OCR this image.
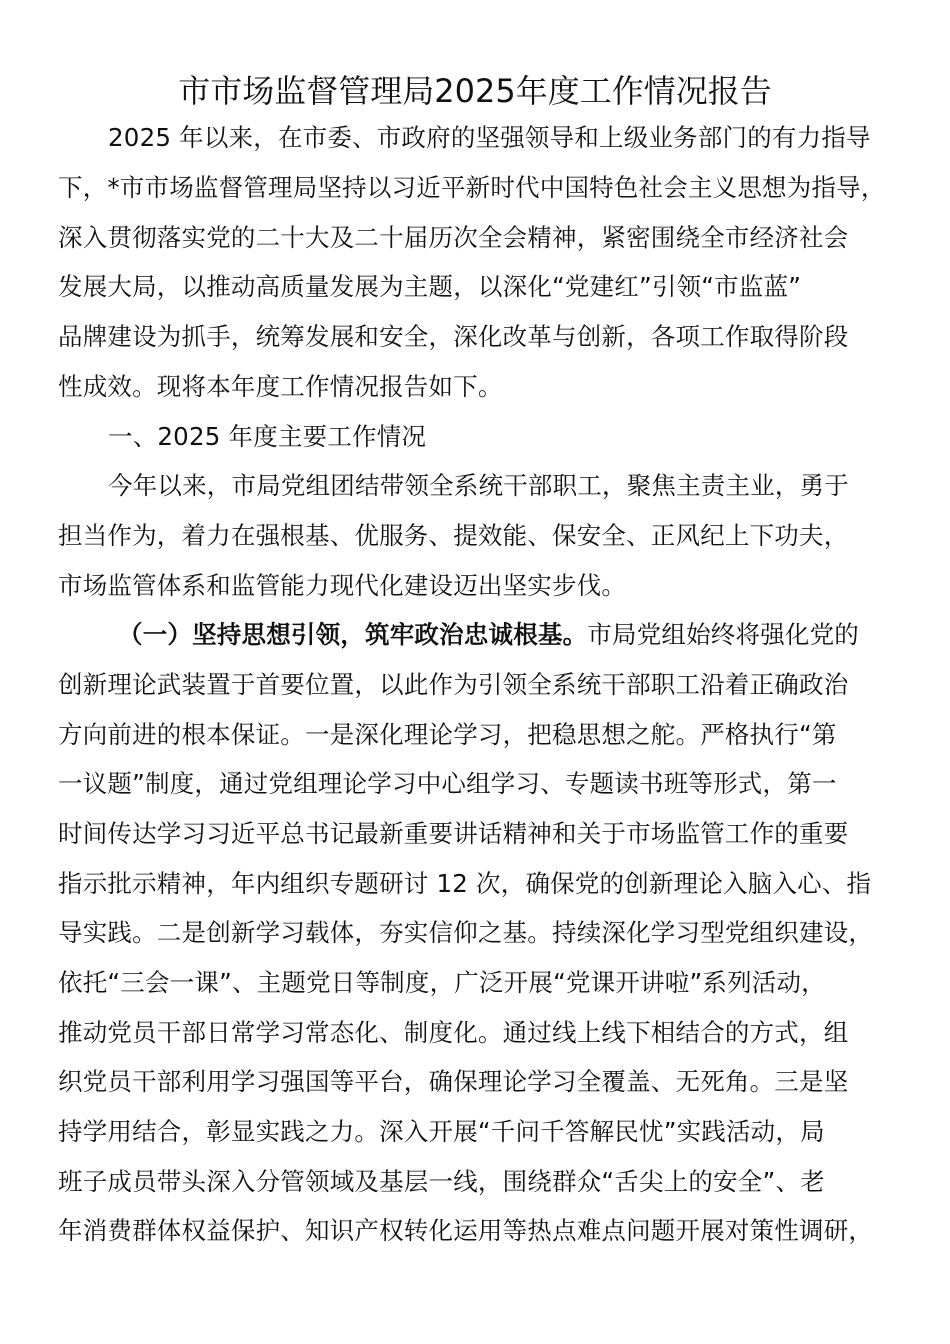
市市场监督管理局2025年度工作情况报告
2025 年以来，在市委、市政府的坚强领导和上级业务部门的有力指导
下，*市市场监督管理局坚持以习近平新时代中国特色社会主义思想为指导，
深入贯彻落实党的二十大及二十届历次全会精神，紧密围绕全市经济社会
发展大局，以推动高质量发展为主题，以深化“党建红”引领“市监蓝”
品牌建设为抓手，统筹发展和安全，深化改革与创新，各项工作取得阶段
性成效。现将本年度工作情况报告如下。
一、2025 年度主要工作情况
今年以来，市局党组团结带领全系统干部职工，聚焦主责主业，勇于
担当作为，着力在强根基、优服务、提效能、保安全、正风纪上下功夫，
市场监管体系和监管能力现代化建设迈出坚实步伐。
（一）坚持思想引领，筑牢政治忠诚根基。市局党组始终将强化党的
创新理论武装置于首要位置，以此作为引领全系统干部职工沿着正确政治
方向前进的根本保证。一是深化理论学习，把稳思想之舵。严格执行“第
一议题”制度，通过党组理论学习中心组学习、专题读书班等形式，第一
时间传达学习习近平总书记最新重要讲话精神和关于市场监管工作的重要
指示批示精神，年内组织专题研讨 12 次，确保党的创新理论入脑入心、指
导实践。二是创新学习载体，夯实信仰之基。持续深化学习型党组织建设，
依托“三会一课”、主题党日等制度，广泛开展“党课开讲啦”系列活动，
推动党员干部日常学习常态化、制度化。通过线上线下相结合的方式，组
织党员干部利用学习强国等平台，确保理论学习全覆盖、无死角。三是坚
持学用结合，彰显实践之力。深入开展“千问千答解民忧”实践活动，局
班子成员带头深入分管领域及基层一线，围绕群众“舌尖上的安全”、老
年消费群体权益保护、知识产权转化运用等热点难点问题开展对策性调研，
